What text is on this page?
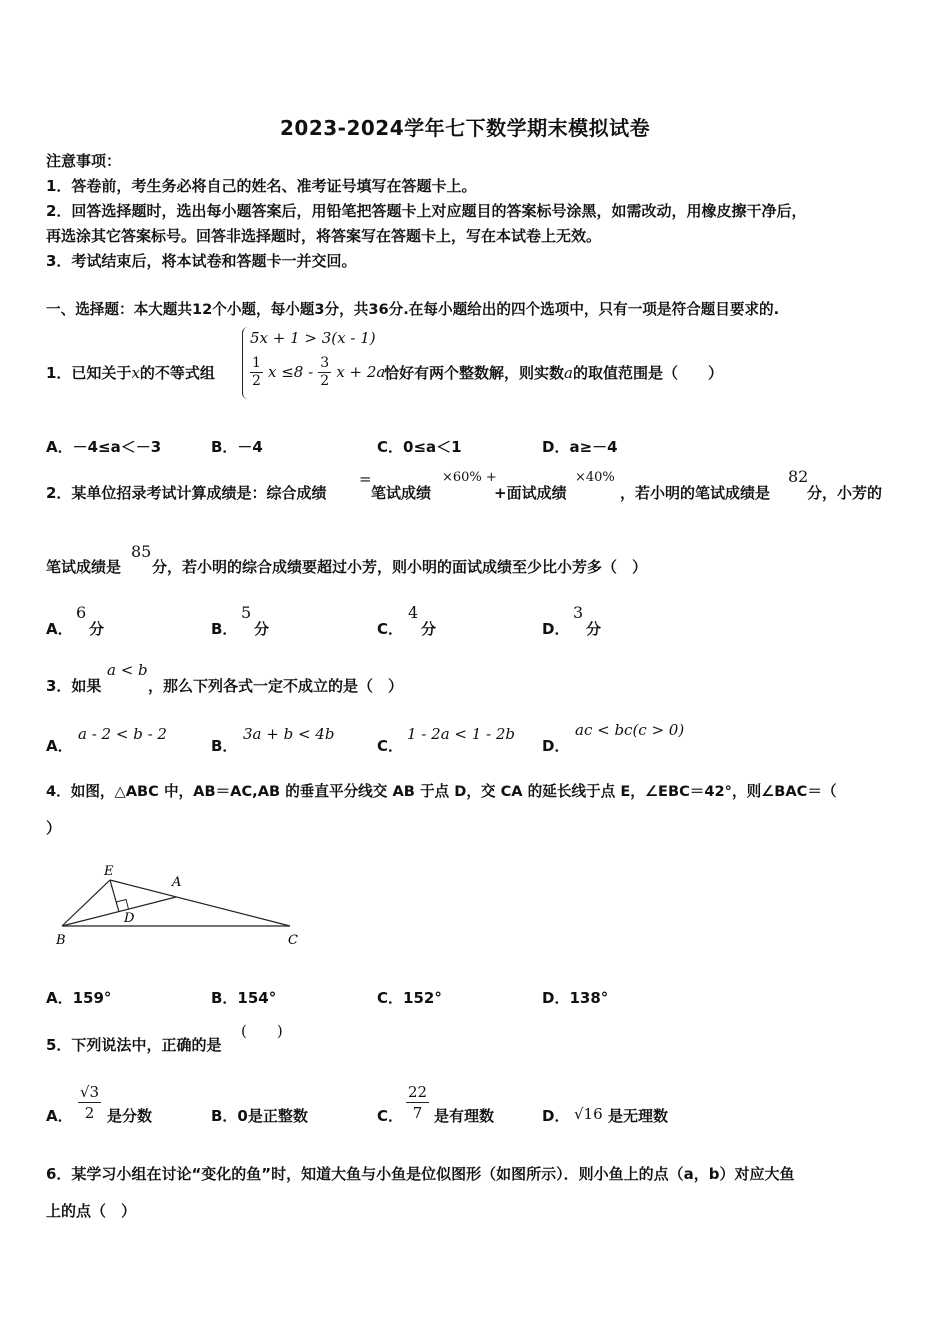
2023-2024学年七下数学期末模拟试卷
注意事项：
1．答卷前，考生务必将自己的姓名、准考证号填写在答题卡上。
2．回答选择题时，选出每小题答案后，用铅笔把答题卡上对应题目的答案标号涂黑，如需改动，用橡皮擦干净后，
再选涂其它答案标号。回答非选择题时，将答案写在答题卡上，写在本试卷上无效。
3．考试结束后，将本试卷和答题卡一并交回。
一、选择题：本大题共12个小题，每小题3分，共36分.在每小题给出的四个选项中，只有一项是符合题目要求的.
1．已知关于x的不等式组
5x + 1 > 3(x - 1)
$\frac{1}{2}$ $x \le 8 - \frac{3}{2}$ x + 2a
恰好有两个整数解，则实数a的取值范围是（　　）
A．－4≤a＜－3	B．－4	C．0≤a＜1	D．a≥－4
2．某单位招录考试计算成绩是：综合成绩
=
笔试成绩
×60% +
+面试成绩
×40%
，若小明的笔试成绩是
82
分，小芳的
笔试成绩是
85
分，若小明的综合成绩要超过小芳，则小明的面试成绩至少比小芳多（　）
A．
6
分	B．
5
分	C．
4
分	D．
3
分
3．如果
a < b
，那么下列各式一定不成立的是（　）
A．
a - 2 < b - 2
B．
3a + b < 4b
C．
1 - 2a < 1 - 2b
D．
ac < bc(c > 0)
4．如图，△ABC 中，AB＝AC,AB 的垂直平分线交 AB 于点 D，交 CA 的延长线于点 E，∠EBC＝42°，则∠BAC＝（
）
E
A
D
B	C
A．159°	B．154°	C．152°	D．138°
5．下列说法中，正确的是
(　　)
A． $\frac{√3}{2}$ 是分数	B．0是正整数	C． $\frac{22}{7}$ 是有理数	D． √16 是无理数
6．某学习小组在讨论“变化的鱼”时，知道大鱼与小鱼是位似图形（如图所示）．则小鱼上的点（a，b）对应大鱼
上的点（　）
